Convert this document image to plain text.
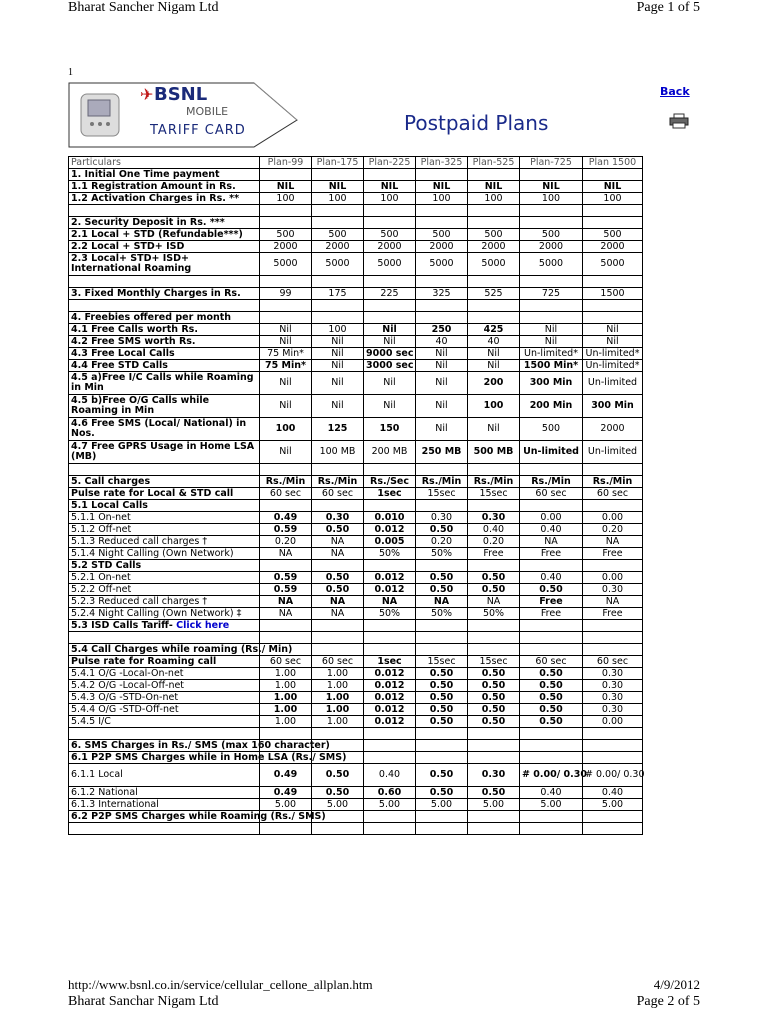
Bharat Sancher Nigam Ltd	Page 1 of 5
1
✈ BSNL
MOBILE
TARIFF CARD	Postpaid Plans
Back
Particulars	Plan-99	Plan-175	Plan-225	Plan-325	Plan-525	Plan-725	Plan 1500
1. Initial One Time payment							
1.1 Registration Amount in Rs.	NIL	NIL	NIL	NIL	NIL	NIL	NIL
1.2 Activation Charges in Rs. **	100	100	100	100	100	100	100

2. Security Deposit in Rs. ***							
2.1 Local + STD (Refundable***)	500	500	500	500	500	500	500
2.2 Local + STD+ ISD	2000	2000	2000	2000	2000	2000	2000
2.3 Local+ STD+ ISD+ International Roaming	5000	5000	5000	5000	5000	5000	5000

3. Fixed Monthly Charges in Rs.	99	175	225	325	525	725	1500

4. Freebies offered per month							
4.1 Free Calls worth Rs.	Nil	100	Nil	250	425	Nil	Nil
4.2 Free SMS worth Rs.	Nil	Nil	Nil	40	40	Nil	Nil
4.3 Free Local Calls	75 Min*	Nil	9000 sec	Nil	Nil	Un-limited*	Un-limited*
4.4 Free STD Calls	75 Min*	Nil	3000 sec	Nil	Nil	1500 Min*	Un-limited*
4.5 a)Free I/C Calls while Roaming in Min	Nil	Nil	Nil	Nil	200	300 Min	Un-limited
4.5 b)Free O/G Calls while Roaming in Min	Nil	Nil	Nil	Nil	100	200 Min	300 Min
4.6 Free SMS (Local/ National) in Nos.	100	125	150	Nil	Nil	500	2000
4.7 Free GPRS Usage in Home LSA (MB)	Nil	100 MB	200 MB	250 MB	500 MB	Un-limited	Un-limited

5. Call charges	Rs./Min	Rs./Min	Rs./Sec	Rs./Min	Rs./Min	Rs./Min	Rs./Min
Pulse rate for Local & STD call	60 sec	60 sec	1sec	15sec	15sec	60 sec	60 sec
5.1 Local Calls							
5.1.1 On-net	0.49	0.30	0.010	0.30	0.30	0.00	0.00
5.1.2 Off-net	0.59	0.50	0.012	0.50	0.40	0.40	0.20
5.1.3 Reduced call charges †	0.20	NA	0.005	0.20	0.20	NA	NA
5.1.4 Night Calling (Own Network)	NA	NA	50%	50%	Free	Free	Free
5.2 STD Calls							
5.2.1 On-net	0.59	0.50	0.012	0.50	0.50	0.40	0.00
5.2.2 Off-net	0.59	0.50	0.012	0.50	0.50	0.50	0.30
5.2.3 Reduced call charges †	NA	NA	NA	NA	NA	Free	NA
5.2.4 Night Calling (Own Network) ‡	NA	NA	50%	50%	50%	Free	Free
5.3 ISD Calls Tariff- Click here							

5.4 Call Charges while roaming (Rs./ Min)							
Pulse rate for Roaming call	60 sec	60 sec	1sec	15sec	15sec	60 sec	60 sec
5.4.1 O/G -Local-On-net	1.00	1.00	0.012	0.50	0.50	0.50	0.30
5.4.2 O/G -Local-Off-net	1.00	1.00	0.012	0.50	0.50	0.50	0.30
5.4.3 O/G -STD-On-net	1.00	1.00	0.012	0.50	0.50	0.50	0.30
5.4.4 O/G -STD-Off-net	1.00	1.00	0.012	0.50	0.50	0.50	0.30
5.4.5 I/C	1.00	1.00	0.012	0.50	0.50	0.50	0.00

6. SMS Charges in Rs./ SMS (max 160 character)							
6.1 P2P SMS Charges while in Home LSA (Rs./ SMS)							
6.1.1 Local	0.49	0.50	0.40	0.50	0.30	# 0.00/ 0.30	# 0.00/ 0.30
6.1.2 National	0.49	0.50	0.60	0.50	0.50	0.40	0.40
6.1.3 International	5.00	5.00	5.00	5.00	5.00	5.00	5.00
6.2 P2P SMS Charges while Roaming (Rs./ SMS)							

http://www.bsnl.co.in/service/cellular_cellone_allplan.htm	4/9/2012
Bharat Sanchar Nigam Ltd	Page 2 of 5
